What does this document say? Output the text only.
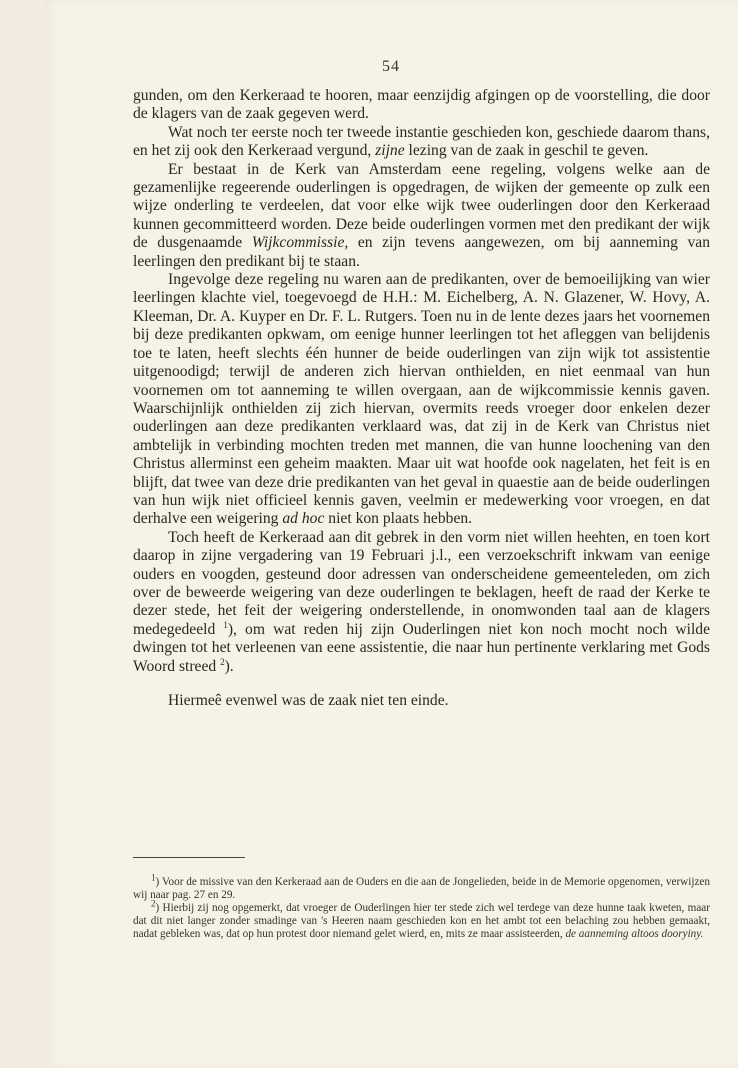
54

gunden, om den Kerkeraad te hooren, maar eenzijdig afgingen op de voorstelling, die door de klagers van de zaak gegeven werd.

Wat noch ter eerste noch ter tweede instantie geschieden kon, geschiede daarom thans, en het zij ook den Kerkeraad vergund, zijne lezing van de zaak in geschil te geven.

Er bestaat in de Kerk van Amsterdam eene regeling, volgens welke aan de gezamenlijke regeerende ouderlingen is opgedragen, de wijken der gemeente op zulk een wijze onderling te verdeelen, dat voor elke wijk twee ouderlingen door den Kerkeraad kunnen gecommitteerd worden. Deze beide ouderlingen vormen met den predikant der wijk de dusgenaamde Wijkcommissie, en zijn tevens aangewezen, om bij aanneming van leerlingen den predikant bij te staan.

Ingevolge deze regeling nu waren aan de predikanten, over de bemoeilijking van wier leerlingen klachte viel, toegevoegd de H.H.: M. Eichelberg, A. N. Glazener, W. Hovy, A. Kleeman, Dr. A. Kuyper en Dr. F. L. Rutgers. Toen nu in de lente dezes jaars het voornemen bij deze predikanten opkwam, om eenige hunner leerlingen tot het afleggen van belijdenis toe te laten, heeft slechts één hunner de beide ouderlingen van zijn wijk tot assistentie uitgenoodigd; terwijl de anderen zich hiervan onthielden, en niet eenmaal van hun voornemen om tot aanneming te willen overgaan, aan de wijkcommissie kennis gaven. Waarschijnlijk onthielden zij zich hiervan, overmits reeds vroeger door enkelen dezer ouderlingen aan deze predikanten verklaard was, dat zij in de Kerk van Christus niet ambtelijk in verbinding mochten treden met mannen, die van hunne loochening van den Christus allerminst een geheim maakten. Maar uit wat hoofde ook nagelaten, het feit is en blijft, dat twee van deze drie predikanten van het geval in quaestie aan de beide ouderlingen van hun wijk niet officieel kennis gaven, veelmin er medewerking voor vroegen, en dat derhalve een weigering ad hoc niet kon plaats hebben.

Toch heeft de Kerkeraad aan dit gebrek in den vorm niet willen heehten, en toen kort daarop in zijne vergadering van 19 Februari j.l., een verzoekschrift inkwam van eenige ouders en voogden, gesteund door adressen van onderscheidene gemeenteleden, om zich over de beweerde weigering van deze ouderlingen te beklagen, heeft de raad der Kerke te dezer stede, het feit der weigering onderstellende, in onomwonden taal aan de klagers medegedeeld $^1$), om wat reden hij zijn Ouderlingen niet kon noch mocht noch wilde dwingen tot het verleenen van eene assistentie, die naar hun pertinente verklaring met Gods Woord streed $^2$).

Hiermeê evenwel was de zaak niet ten einde.

$^1$) Voor de missive van den Kerkeraad aan de Ouders en die aan de Jongelieden, beide in de Memorie opgenomen, verwijzen wij naar pag. 27 en 29.

$^2$) Hierbij zij nog opgemerkt, dat vroeger de Ouderlingen hier ter stede zich wel terdege van deze hunne taak kweten, maar dat dit niet langer zonder smadinge van 's Heeren naam geschieden kon en het ambt tot een belaching zou hebben gemaakt, nadat gebleken was, dat op hun protest door niemand gelet wierd, en, mits ze maar assisteerden, de aanneming altoos dooryiny.
